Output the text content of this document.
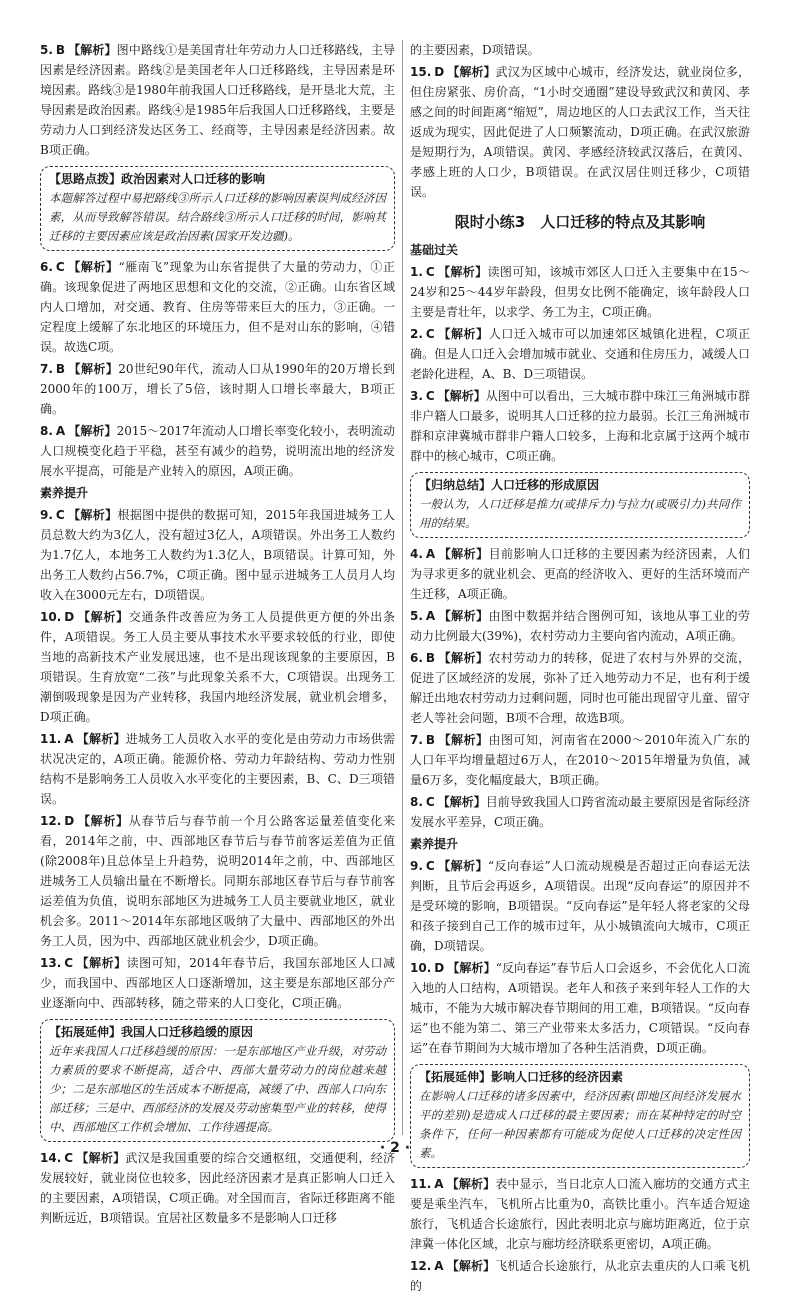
5. B 【解析】图中路线①是美国青壮年劳动力人口迁移路线，主导因素是经济因素。路线②是美国老年人口迁移路线，主导因素是环境因素。路线③是1980年前我国人口迁移路线，是开垦北大荒，主导因素是政治因素。路线④是1985年后我国人口迁移路线，主要是劳动力人口到经济发达区务工、经商等，主导因素是经济因素。故B项正确。

【思路点拨】政治因素对人口迁移的影响
本题解答过程中易把路线③所示人口迁移的影响因素误判成经济因素，从而导致解答错误。结合路线③所示人口迁移的时间，影响其迁移的主要因素应该是政治因素(国家开发边疆)。

6. C 【解析】“雁南飞”现象为山东省提供了大量的劳动力，①正确。该现象促进了两地区思想和文化的交流，②正确。山东省区域内人口增加，对交通、教育、住房等带来巨大的压力，③正确。一定程度上缓解了东北地区的环境压力，但不是对山东的影响，④错误。故选C项。

7. B 【解析】20世纪90年代，流动人口从1990年的20万增长到2000年的100万，增长了5倍，该时期人口增长率最大，B项正确。

8. A 【解析】2015～2017年流动人口增长率变化较小，表明流动人口规模变化趋于平稳，甚至有减少的趋势，说明流出地的经济发展水平提高，可能是产业转入的原因，A项正确。

素养提升

9. C 【解析】根据图中提供的数据可知，2015年我国进城务工人员总数大约为3亿人，没有超过3亿人，A项错误。外出务工人数约为1.7亿人，本地务工人数约为1.3亿人，B项错误。计算可知，外出务工人数约占56.7%，C项正确。图中显示进城务工人员月人均收入在3000元左右，D项错误。

10. D 【解析】交通条件改善应为务工人员提供更方便的外出条件，A项错误。务工人员主要从事技术水平要求较低的行业，即使当地的高新技术产业发展迅速，也不是出现该现象的主要原因，B项错误。生育放宽“二孩”与此现象关系不大，C项错误。出现务工潮倒吸现象是因为产业转移，我国内地经济发展，就业机会增多，D项正确。

11. A 【解析】进城务工人员收入水平的变化是由劳动力市场供需状况决定的，A项正确。能源价格、劳动力年龄结构、劳动力性别结构不是影响务工人员收入水平变化的主要因素，B、C、D三项错误。

12. D 【解析】从春节后与春节前一个月公路客运量差值变化来看，2014年之前，中、西部地区春节后与春节前客运差值为正值(除2008年)且总体呈上升趋势，说明2014年之前，中、西部地区进城务工人员输出量在不断增长。同期东部地区春节后与春节前客运差值为负值，说明东部地区为进城务工人员主要就业地区，就业机会多。2011～2014年东部地区吸纳了大量中、西部地区的外出务工人员，因为中、西部地区就业机会少，D项正确。

13. C 【解析】读图可知，2014年春节后，我国东部地区人口减少，而我国中、西部地区人口逐渐增加，这主要是东部地区部分产业逐渐向中、西部转移，随之带来的人口变化，C项正确。

【拓展延伸】我国人口迁移趋缓的原因
近年来我国人口迁移趋缓的原因：一是东部地区产业升级，对劳动力素质的要求不断提高，适合中、西部大量劳动力的岗位越来越少；二是东部地区的生活成本不断提高，减缓了中、西部人口向东部迁移；三是中、西部经济的发展及劳动密集型产业的转移，使得中、西部地区工作机会增加、工作待遇提高。

14. C 【解析】武汉是我国重要的综合交通枢纽，交通便利，经济发展较好，就业岗位也较多，因此经济因素才是真正影响人口迁入的主要因素，A项错误，C项正确。对全国而言，省际迁移距离不能判断远近，B项错误。宜居社区数量多不是影响人口迁移

的主要因素，D项错误。

15. D 【解析】武汉为区域中心城市，经济发达，就业岗位多，但住房紧张、房价高，“1小时交通圈”建设导致武汉和黄冈、孝感之间的时间距离“缩短”，周边地区的人口去武汉工作，当天往返成为现实，因此促进了人口频繁流动，D项正确。在武汉旅游是短期行为，A项错误。黄冈、孝感经济较武汉落后，在黄冈、孝感上班的人口少，B项错误。在武汉居住则迁移少，C项错误。

限时小练3　人口迁移的特点及其影响
基础过关

1. C 【解析】读图可知，该城市郊区人口迁入主要集中在15～24岁和25～44岁年龄段，但男女比例不能确定，该年龄段人口主要是青壮年，以求学、务工为主，C项正确。

2. C 【解析】人口迁入城市可以加速郊区城镇化进程，C项正确。但是人口迁入会增加城市就业、交通和住房压力，减缓人口老龄化进程，A、B、D三项错误。

3. C 【解析】从图中可以看出，三大城市群中珠江三角洲城市群非户籍人口最多，说明其人口迁移的拉力最弱。长江三角洲城市群和京津冀城市群非户籍人口较多，上海和北京属于这两个城市群中的核心城市，C项正确。

【归纳总结】人口迁移的形成原因
一般认为，人口迁移是推力(或排斥力)与拉力(或吸引力)共同作用的结果。

4. A 【解析】目前影响人口迁移的主要因素为经济因素，人们为寻求更多的就业机会、更高的经济收入、更好的生活环境而产生迁移，A项正确。

5. A 【解析】由图中数据并结合图例可知，该地从事工业的劳动力比例最大(39%)，农村劳动力主要向省内流动，A项正确。

6. B 【解析】农村劳动力的转移，促进了农村与外界的交流，促进了区域经济的发展，弥补了迁入地劳动力不足，也有利于缓解迁出地农村劳动力过剩问题，同时也可能出现留守儿童、留守老人等社会问题，B项不合理，故选B项。

7. B 【解析】由图可知，河南省在2000～2010年流入广东的人口年平均增量超过6万人，在2010～2015年增量为负值，减量6万多，变化幅度最大，B项正确。

8. C 【解析】目前导致我国人口跨省流动最主要原因是省际经济发展水平差异，C项正确。

素养提升

9. C 【解析】“反向春运”人口流动规模是否超过正向春运无法判断，且节后会再返乡，A项错误。出现“反向春运”的原因并不是受环境的影响，B项错误。“反向春运”是年轻人将老家的父母和孩子接到自己工作的城市过年，从小城镇流向大城市，C项正确，D项错误。

10. D 【解析】“反向春运”春节后人口会返乡，不会优化人口流入地的人口结构，A项错误。老年人和孩子来到年轻人工作的大城市，不能为大城市解决春节期间的用工难，B项错误。“反向春运”也不能为第二、第三产业带来太多活力，C项错误。“反向春运”在春节期间为大城市增加了各种生活消费，D项正确。

【拓展延伸】影响人口迁移的经济因素
在影响人口迁移的诸多因素中，经济因素(即地区间经济发展水平的差别)是造成人口迁移的最主要因素；而在某种特定的时空条件下，任何一种因素都有可能成为促使人口迁移的决定性因素。

11. A 【解析】表中显示，当日北京人口流入廊坊的交通方式主要是乘坐汽车，飞机所占比重为0，高铁比重小。汽车适合短途旅行，飞机适合长途旅行，因此表明北京与廊坊距离近，位于京津冀一体化区域，北京与廊坊经济联系更密切，A项正确。

12. A 【解析】飞机适合长途旅行，从北京去重庆的人口乘飞机的

· 2 ·
